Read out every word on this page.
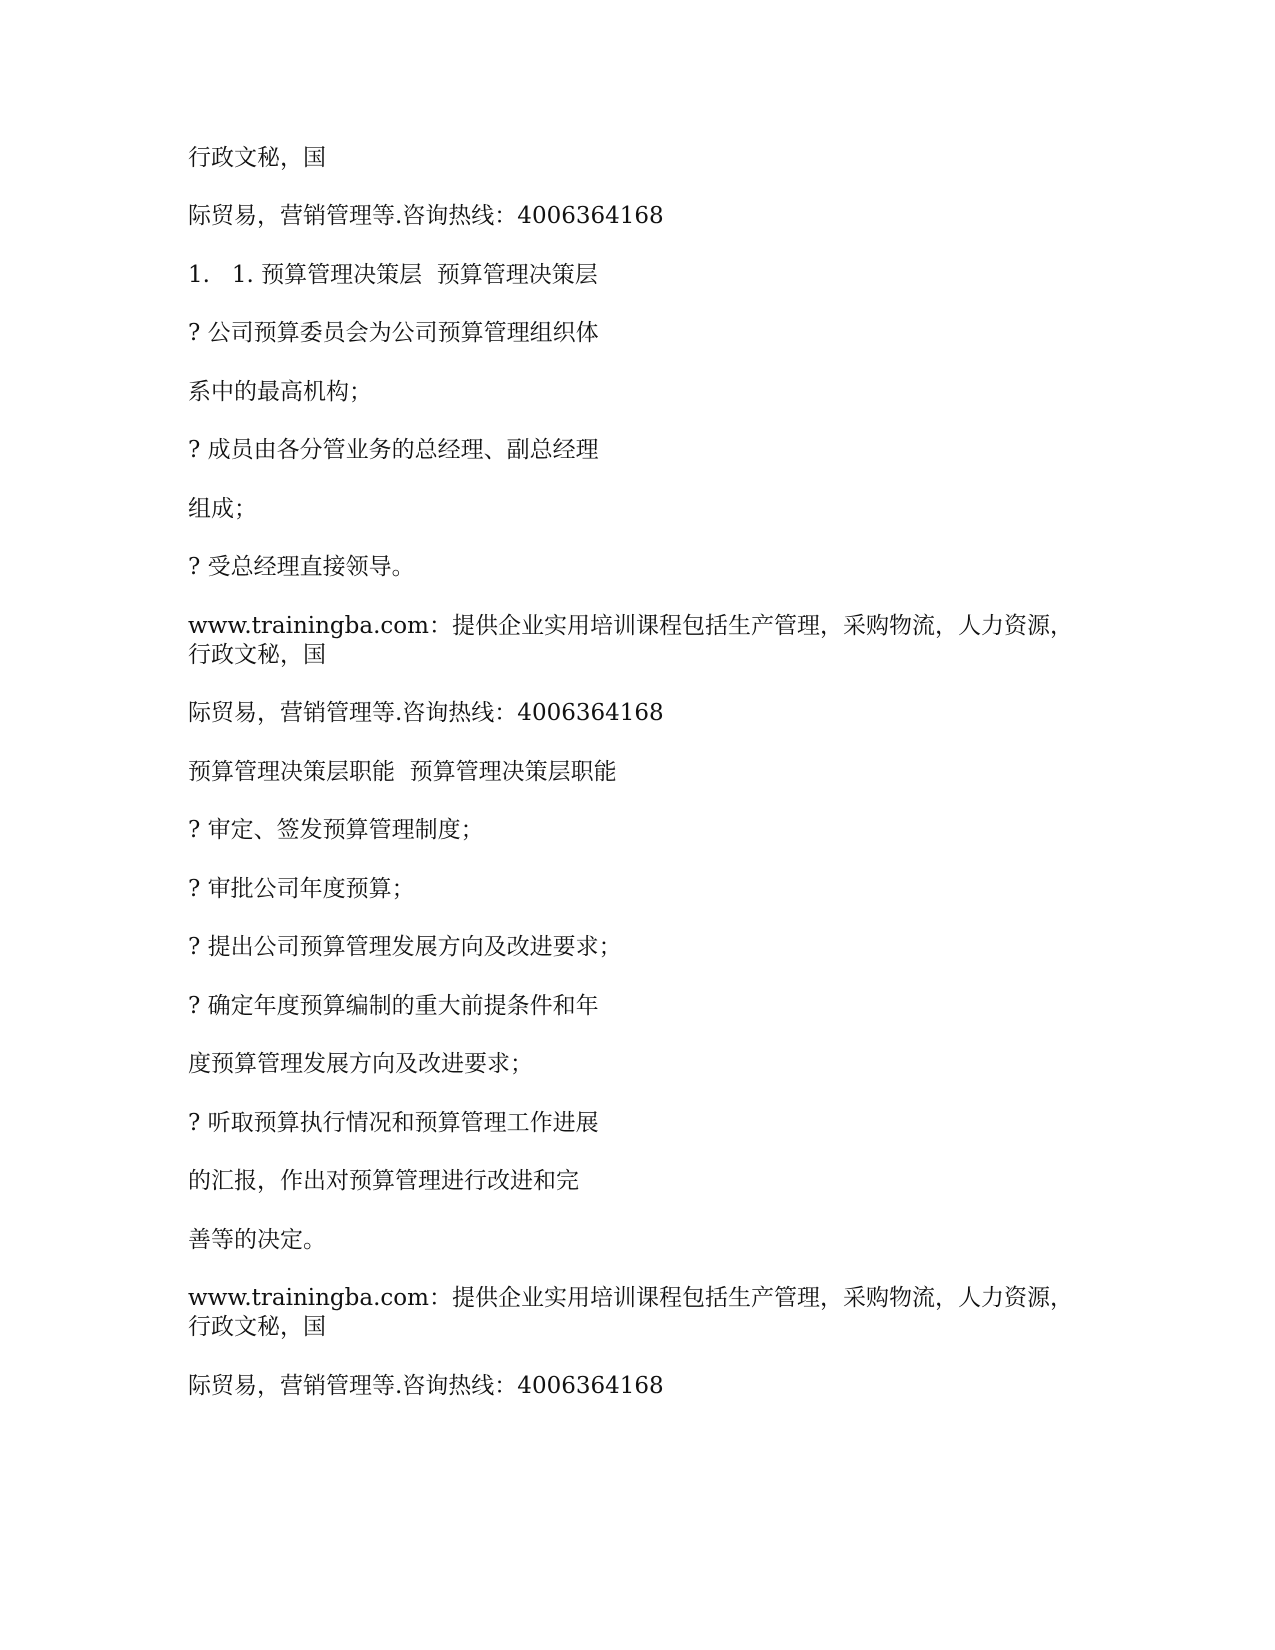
行政文秘，国

际贸易，营销管理等.咨询热线：4006364168

1.   1. 预算管理决策层  预算管理决策层

? 公司预算委员会为公司预算管理组织体

系中的最高机构；

? 成员由各分管业务的总经理、副总经理

组成；

? 受总经理直接领导。

www.trainingba.com：提供企业实用培训课程包括生产管理，采购物流，人力资源，

行政文秘，国

际贸易，营销管理等.咨询热线：4006364168

预算管理决策层职能  预算管理决策层职能

? 审定、签发预算管理制度；

? 审批公司年度预算；

? 提出公司预算管理发展方向及改进要求；

? 确定年度预算编制的重大前提条件和年

度预算管理发展方向及改进要求；

? 听取预算执行情况和预算管理工作进展

的汇报，作出对预算管理进行改进和完

善等的决定。

www.trainingba.com：提供企业实用培训课程包括生产管理，采购物流，人力资源，

行政文秘，国

际贸易，营销管理等.咨询热线：4006364168
